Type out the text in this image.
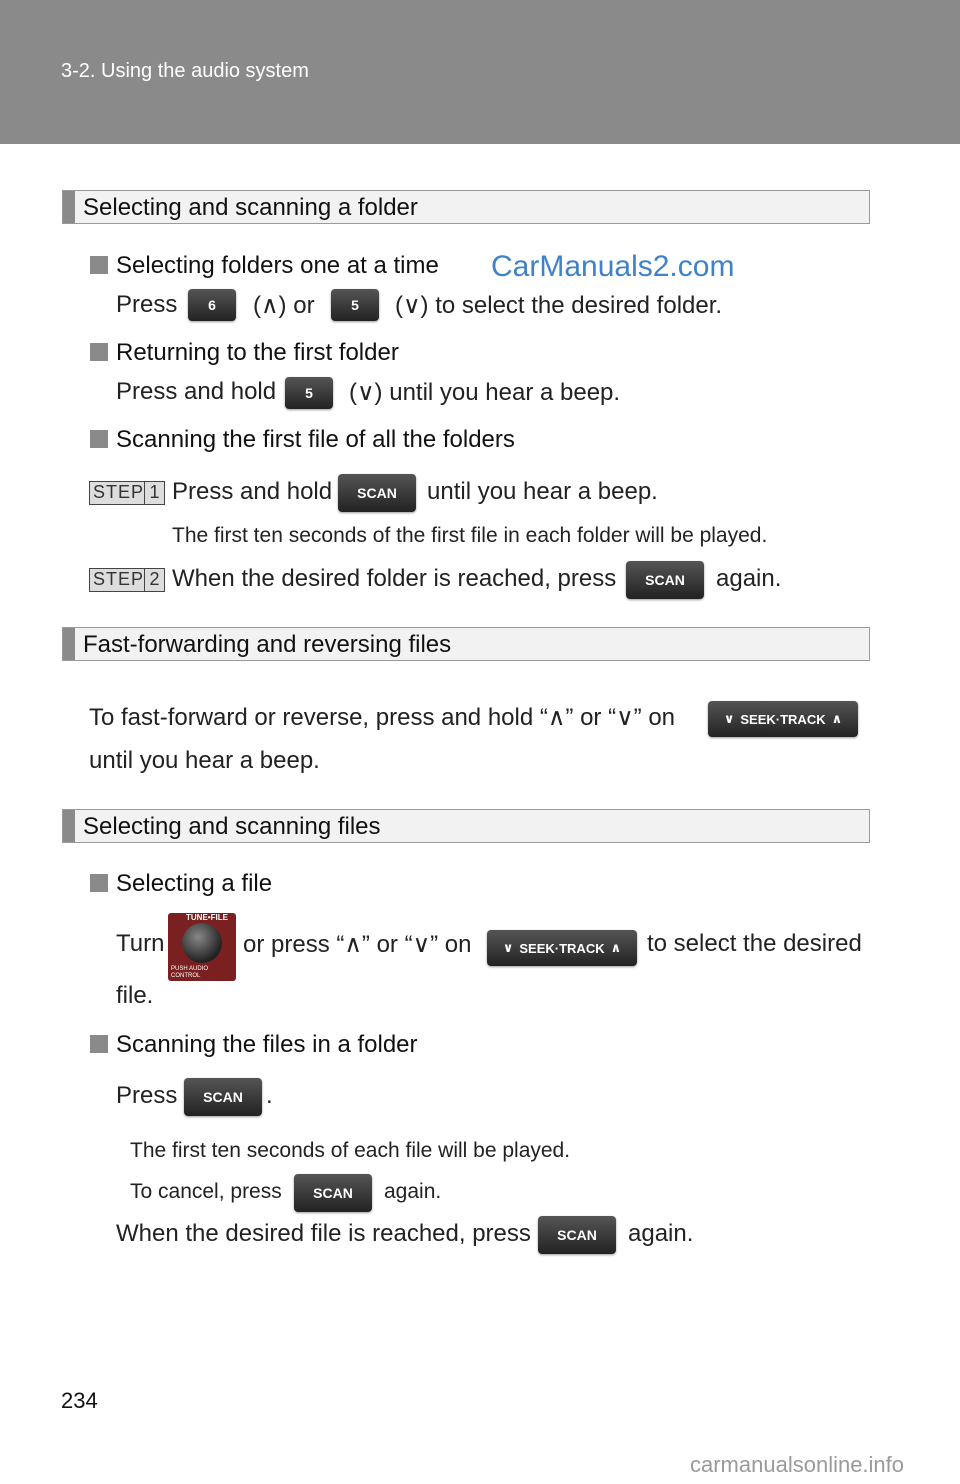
3-2. Using the audio system
Selecting and scanning a folder
Selecting folders one at a time CarManuals2.com
Press	6	(∧) or	5	(∨) to select the desired folder.
Returning to the first folder
Press and hold	5	(∨) until you hear a beep.
Scanning the first file of all the folders
STEP 1 Press and hold	SCAN	until you hear a beep.
The first ten seconds of the first file in each folder will be played.
STEP 2 When the desired folder is reached, press	SCAN	again.
Fast-forwarding and reversing files
To fast-forward or reverse, press and hold “∧” or “∨” on	∨ SEEK·TRACK ∧
until you hear a beep.
Selecting and scanning files
Selecting a file
Turn
TUNE•FILE
PUSH AUDIO CONTROL
or press “∧” or “∨” on ∨ SEEK·TRACK ∧ to select the desired
file.
Scanning the files in a folder
Press	SCAN .
The first ten seconds of each file will be played.
To cancel, press	SCAN	again.
When the desired file is reached, press	SCAN	again.
234
carmanualsonline.info
